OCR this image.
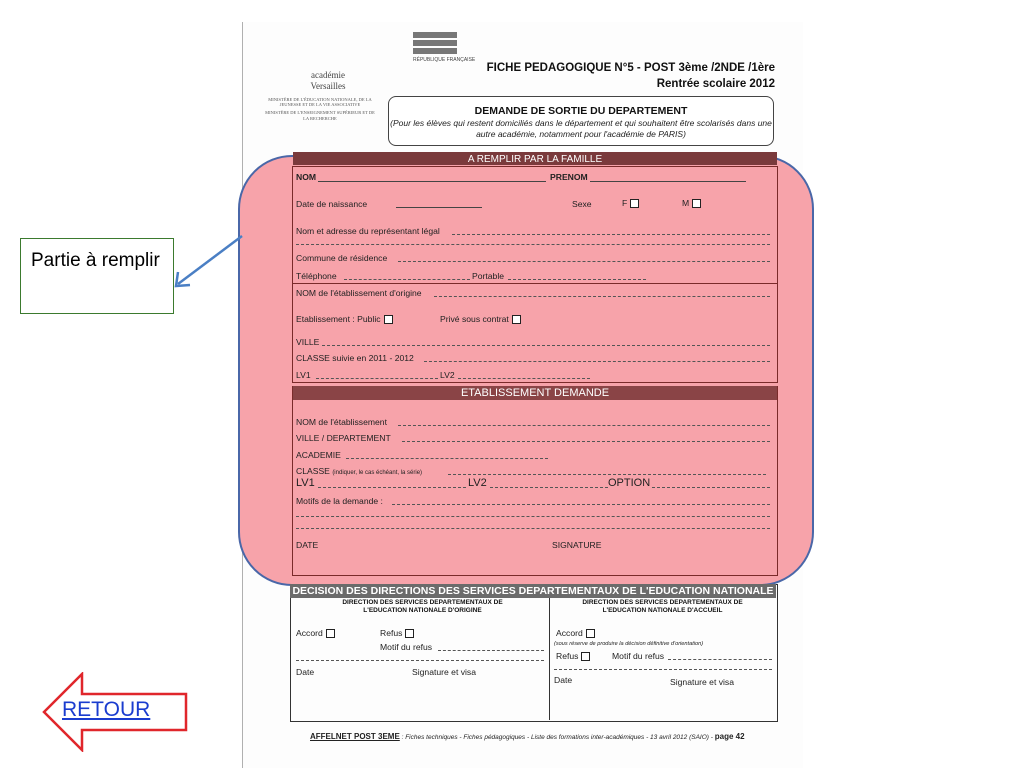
RÉPUBLIQUE FRANÇAISE
académie Versailles
MINISTÈRE DE L'ÉDUCATION NATIONALE, DE LA JEUNESSE ET DE LA VIE ASSOCIATIVE
MINISTÈRE DE L'ENSEIGNEMENT SUPÉRIEUR ET DE LA RECHERCHE
FICHE PEDAGOGIQUE N°5 - POST 3ème /2NDE /1ère
Rentrée scolaire 2012
DEMANDE DE SORTIE DU DEPARTEMENT
(Pour les élèves qui restent domiciliés dans le département et qui souhaitent être scolarisés dans une autre académie, notamment pour l'académie de PARIS)
A REMPLIR PAR LA FAMILLE
NOM	PRENOM
Date de naissance	Sexe	F	M
Nom et adresse du représentant légal
Commune de résidence
Téléphone	Portable
NOM de l'établissement d'origine
Etablissement : Public	Privé sous contrat
VILLE
CLASSE suivie en 2011 - 2012
LV1	LV2
ETABLISSEMENT DEMANDE
NOM de l'établissement
VILLE / DEPARTEMENT
ACADEMIE
CLASSE (indiquer, le cas échéant, la série)
LV1	LV2	OPTION
Motifs de la demande :
DATE	SIGNATURE
DECISION DES DIRECTIONS DES SERVICES DEPARTEMENTAUX DE L'EDUCATION NATIONALE
DIRECTION DES SERVICES DEPARTEMENTAUX DE L'EDUCATION NATIONALE D'ORIGINE
DIRECTION DES SERVICES DEPARTEMENTAUX DE L'EDUCATION NATIONALE D'ACCUEIL
Accord	Refus
Motif du refus
Date	Signature et visa
Accord
(sous réserve de produire la décision définitive d'orientation)
Refus	Motif du refus
Date	Signature et visa
AFFELNET POST 3EME : Fiches techniques - Fiches pédagogiques - Liste des formations inter-académiques - 13 avril 2012 (SAIO) - page 42
Partie à remplir
RETOUR
